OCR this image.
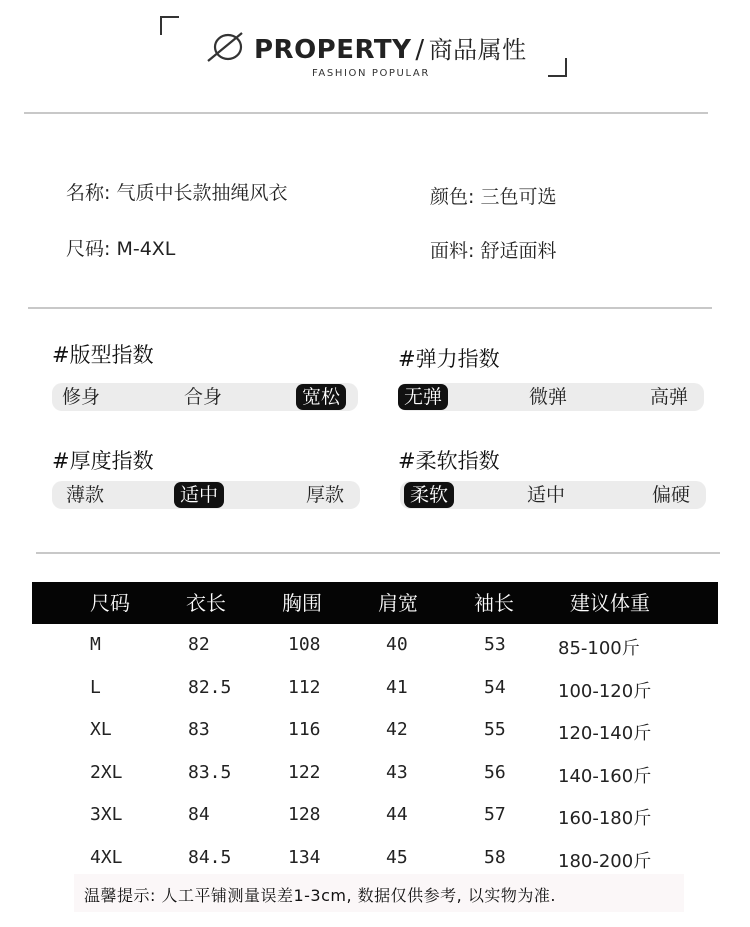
PROPERTY / 商品属性
FASHION POPULAR
名称: 气质中长款抽绳风衣	颜色: 三色可选
尺码: M-4XL	面料: 舒适面料
#版型指数
修身	合身	宽松
#弹力指数
无弹	微弹	高弹
#厚度指数
薄款	适中	厚款
#柔软指数
柔软	适中	偏硬
尺码	衣长	胸围	肩宽	袖长	建议体重
M	82	108	40	53	85-100斤
L	82.5	112	41	54	100-120斤
XL	83	116	42	55	120-140斤
2XL	83.5	122	43	56	140-160斤
3XL	84	128	44	57	160-180斤
4XL	84.5	134	45	58	180-200斤
温馨提示: 人工平铺测量误差1-3cm, 数据仅供参考, 以实物为准.
